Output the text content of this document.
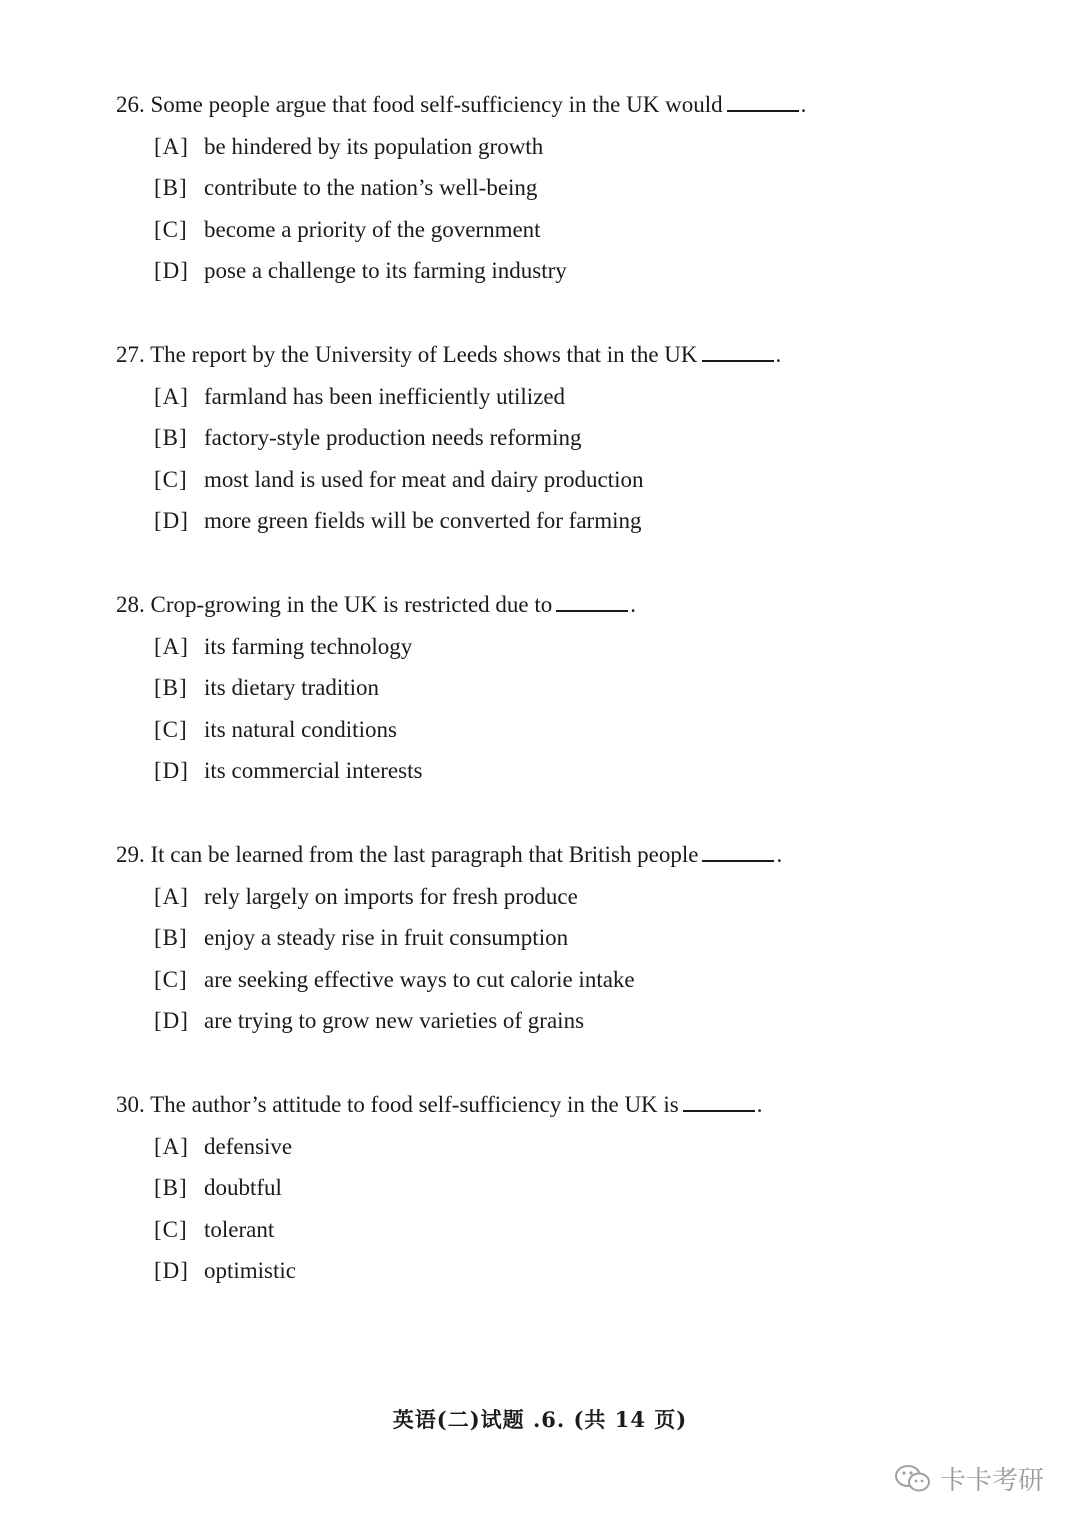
26. Some people argue that food self-sufficiency in the UK would	.
[A] be hindered by its population growth
[B] contribute to the nation’s well-being
[C] become a priority of the government
[D] pose a challenge to its farming industry
27. The report by the University of Leeds shows that in the UK	.
[A] farmland has been inefficiently utilized
[B] factory-style production needs reforming
[C] most land is used for meat and dairy production
[D] more green fields will be converted for farming
28. Crop-growing in the UK is restricted due to	.
[A] its farming technology
[B] its dietary tradition
[C] its natural conditions
[D] its commercial interests
29. It can be learned from the last paragraph that British people	.
[A] rely largely on imports for fresh produce
[B] enjoy a steady rise in fruit consumption
[C] are seeking effective ways to cut calorie intake
[D] are trying to grow new varieties of grains
30. The author’s attitude to food self-sufficiency in the UK is	.
[A] defensive
[B] doubtful
[C] tolerant
[D] optimistic
英语(二)试题 .6. (共 14 页)
卡卡考研
